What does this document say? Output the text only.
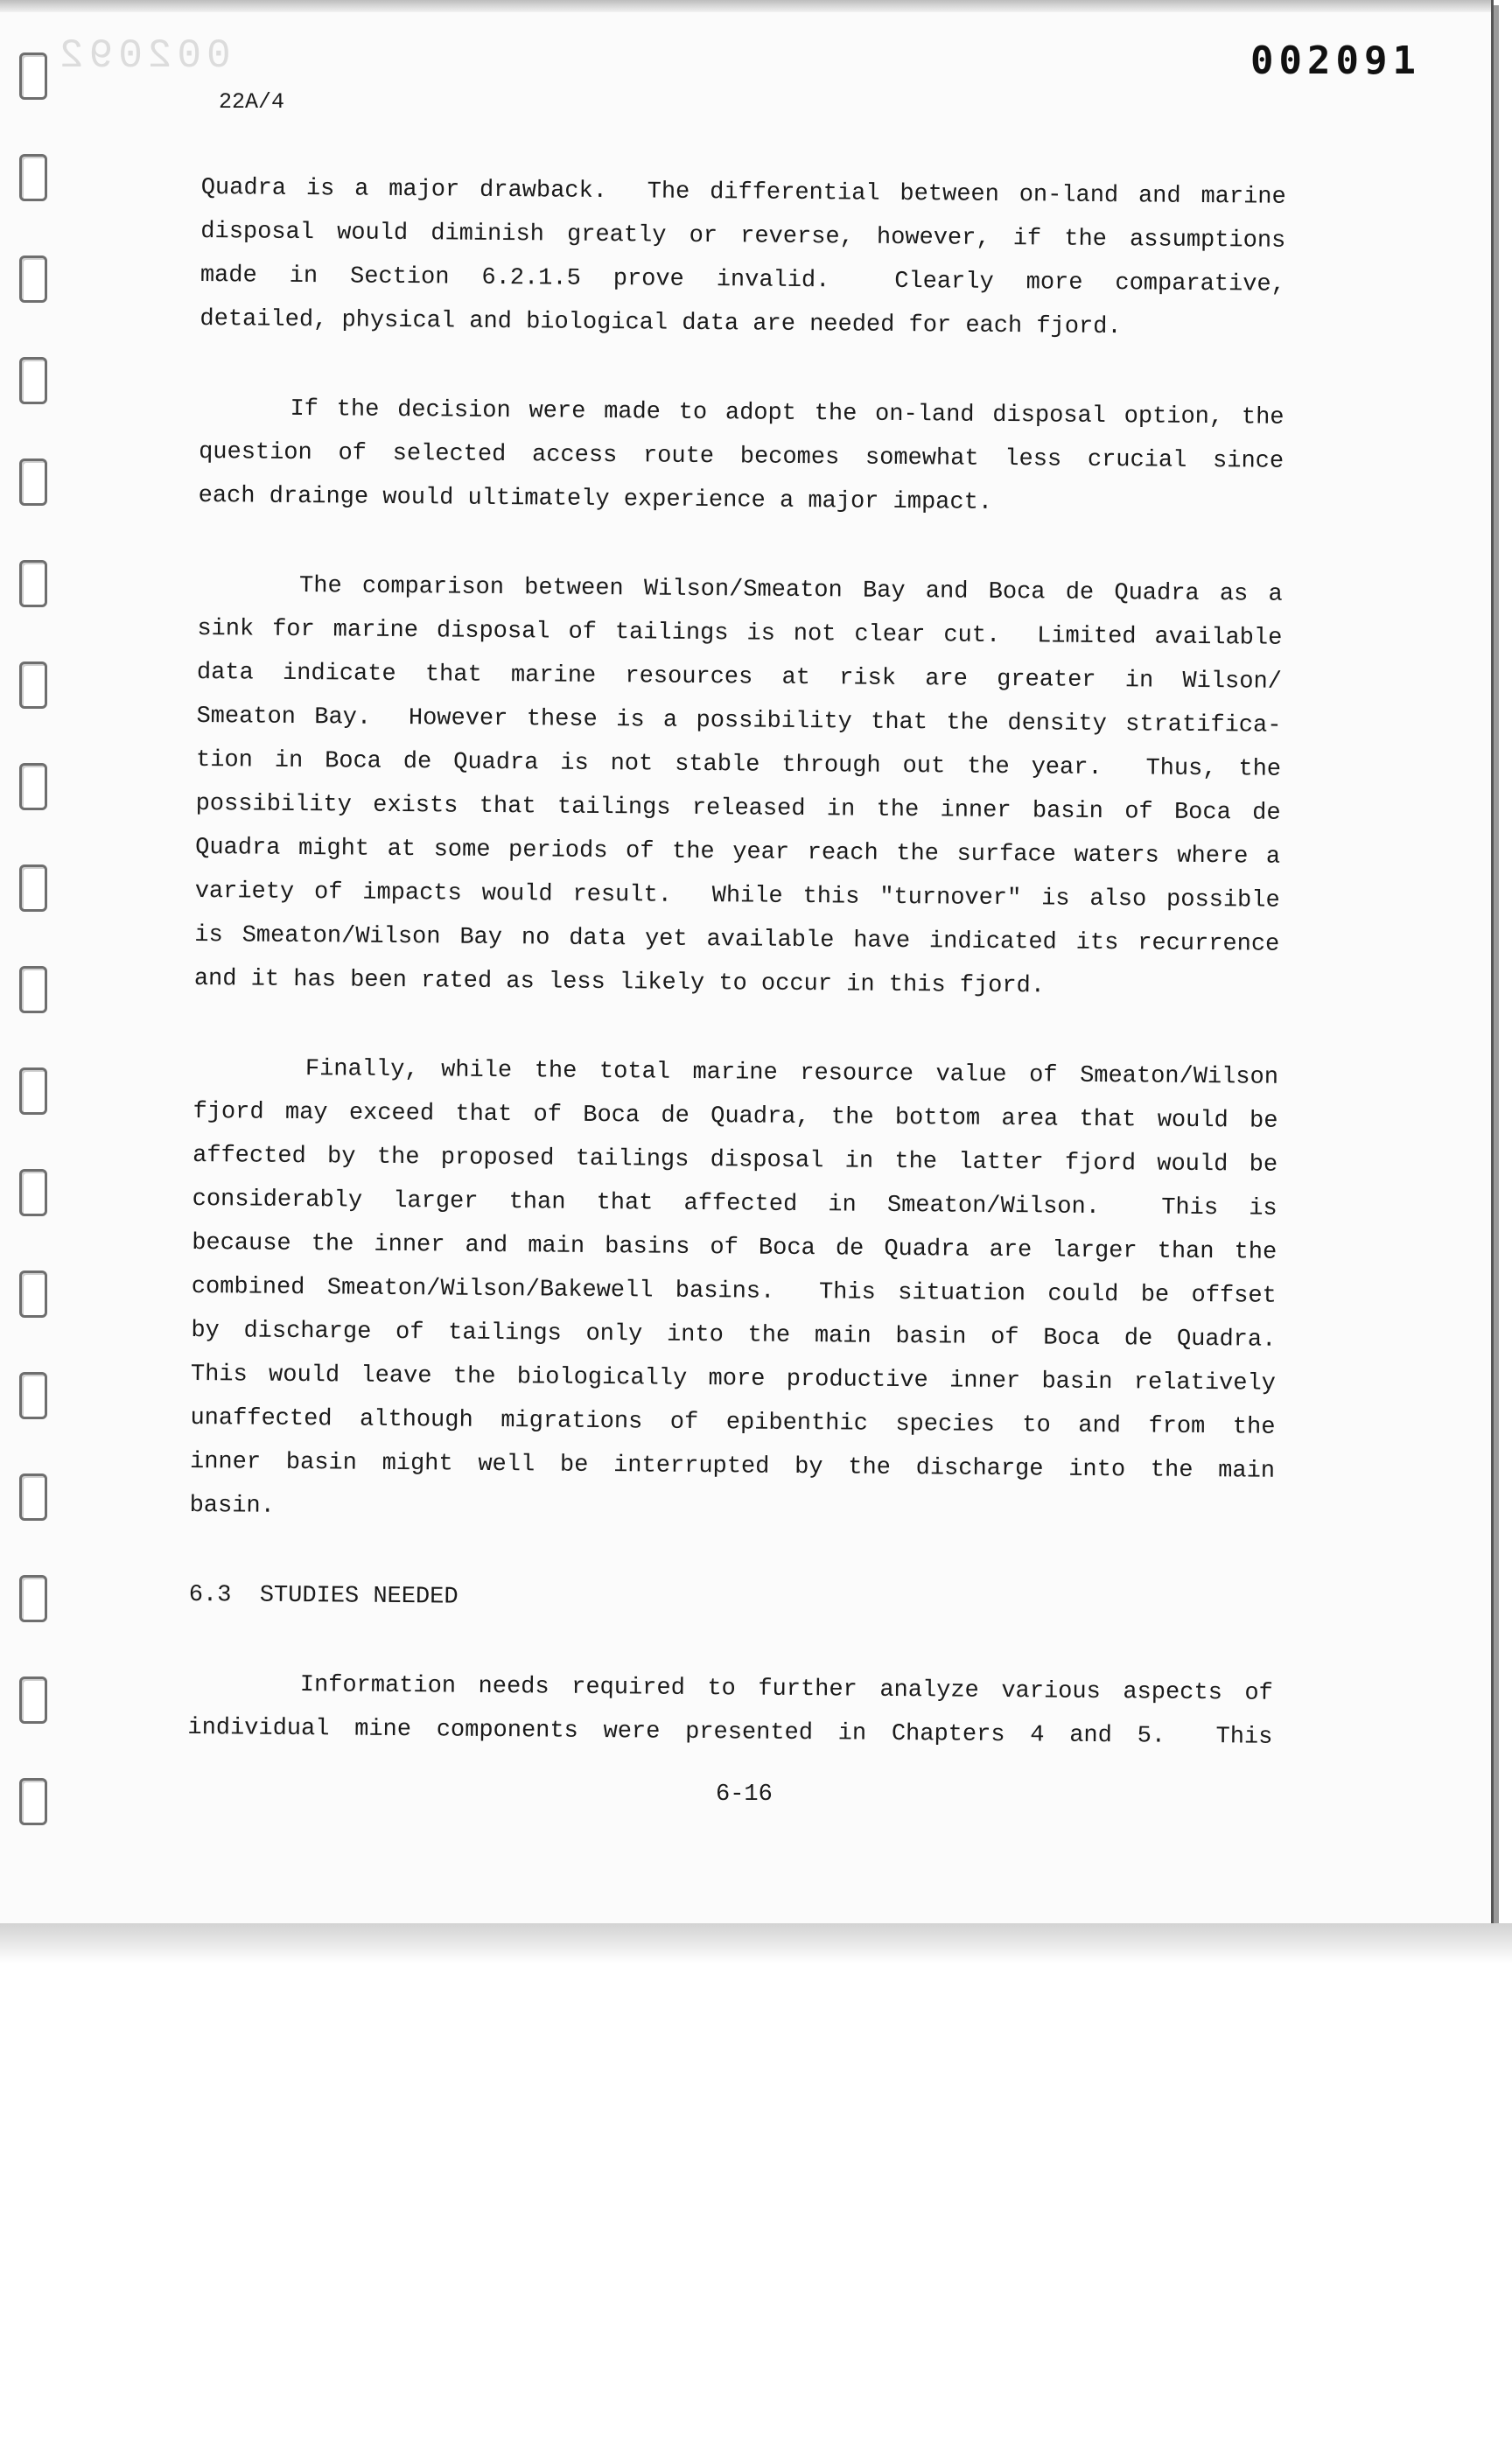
002092	002091
22A/4

Quadra is a major drawback.  The differential between on-land and marine

disposal would diminish greatly or reverse, however, if the assumptions

made in Section 6.2.1.5 prove invalid.  Clearly more comparative,

detailed, physical and biological data are needed for each fjord.

If the decision were made to adopt the on-land disposal option, the

question of selected access route becomes somewhat less crucial since

each drainge would ultimately experience a major impact.

The comparison between Wilson/Smeaton Bay and Boca de Quadra as a

sink for marine disposal of tailings is not clear cut.  Limited available

data indicate that marine resources at risk are greater in Wilson/

Smeaton Bay.  However these is a possibility that the density stratifica-

tion in Boca de Quadra is not stable through out the year.  Thus, the

possibility exists that tailings released in the inner basin of Boca de

Quadra might at some periods of the year reach the surface waters where a

variety of impacts would result.  While this "turnover" is also possible

is Smeaton/Wilson Bay no data yet available have indicated its recurrence

and it has been rated as less likely to occur in this fjord.

Finally, while the total marine resource value of Smeaton/Wilson

fjord may exceed that of Boca de Quadra, the bottom area that would be

affected by the proposed tailings disposal in the latter fjord would be

considerably larger than that affected in Smeaton/Wilson.  This is

because the inner and main basins of Boca de Quadra are larger than the

combined Smeaton/Wilson/Bakewell basins.  This situation could be offset

by discharge of tailings only into the main basin of Boca de Quadra.

This would leave the biologically more productive inner basin relatively

unaffected although migrations of epibenthic species to and from the

inner basin might well be interrupted by the discharge into the main

basin.

6.3  STUDIES NEEDED

Information needs required to further analyze various aspects of

individual mine components were presented in Chapters 4 and 5.  This

6-16
